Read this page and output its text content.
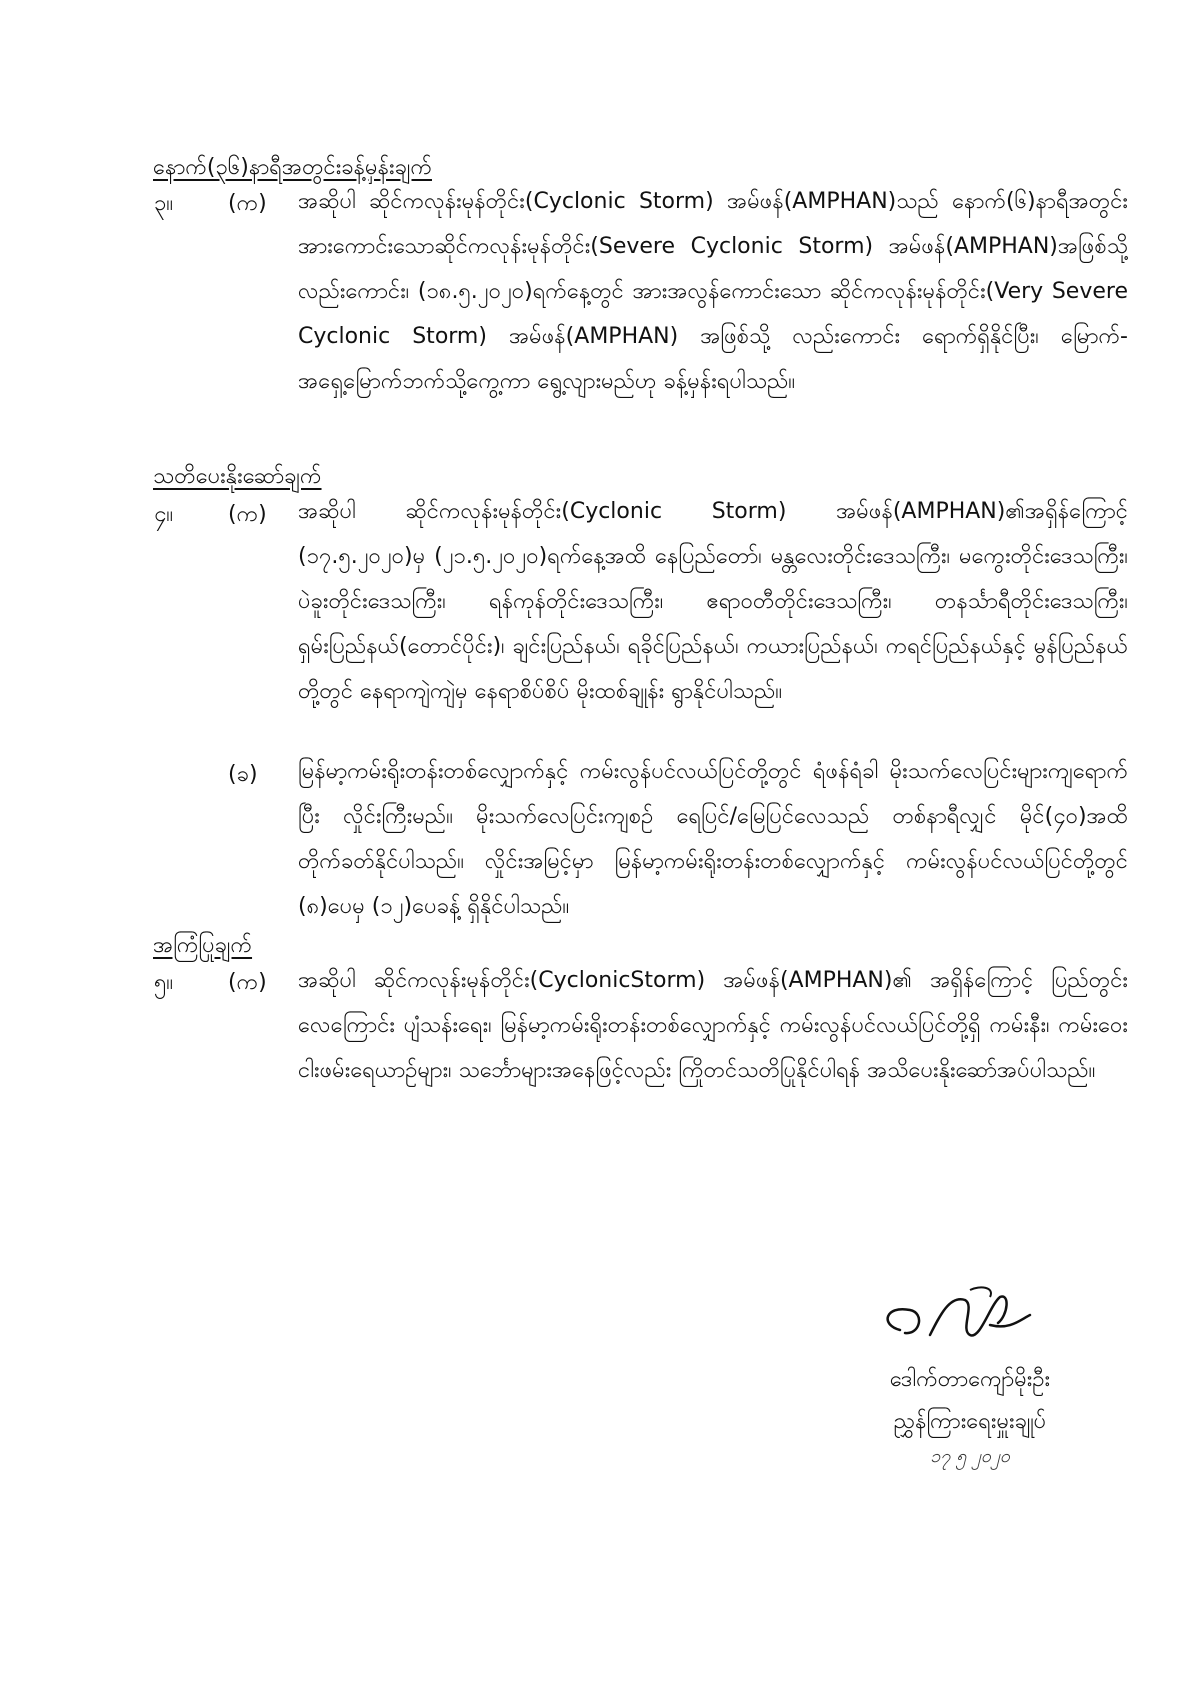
နောက်(၃၆)နာရီအတွင်းခန့်မှန်းချက်
၃။ (က) အဆိုပါ ဆိုင်ကလုန်းမုန်တိုင်း(Cyclonic Storm) အမ်ဖန်(AMPHAN)သည် နောက်(၆)နာရီအတွင်း အားကောင်းသောဆိုင်ကလုန်းမုန်တိုင်း(Severe Cyclonic Storm) အမ်ဖန်(AMPHAN)အဖြစ်သို့လည်းကောင်း၊ (၁၈.၅.၂၀၂၀)ရက်နေ့တွင် အားအလွန်ကောင်းသော ဆိုင်ကလုန်းမုန်တိုင်း(Very Severe Cyclonic Storm) အမ်ဖန်(AMPHAN) အဖြစ်သို့ လည်းကောင်း ရောက်ရှိနိုင်ပြီး၊ မြောက်-အရှေ့မြောက်ဘက်သို့ကွေ့ကာ ရွေ့လျားမည်ဟု ခန့်မှန်းရပါသည်။

သတိပေးနိုးဆော်ချက်
၄။ (က) အဆိုပါ ဆိုင်ကလုန်းမုန်တိုင်း(Cyclonic Storm) အမ်ဖန်(AMPHAN)၏အရှိန်ကြောင့် (၁၇.၅.၂၀၂၀)မှ (၂၁.၅.၂၀၂၀)ရက်နေ့အထိ နေပြည်တော်၊ မန္တလေးတိုင်းဒေသကြီး၊ မကွေးတိုင်းဒေသကြီး၊ ပဲခူးတိုင်းဒေသကြီး၊ ရန်ကုန်တိုင်းဒေသကြီး၊ ဧရာဝတီတိုင်းဒေသကြီး၊ တနင်္သာရီတိုင်းဒေသကြီး၊ ရှမ်းပြည်နယ်(တောင်ပိုင်း)၊ ချင်းပြည်နယ်၊ ရခိုင်ပြည်နယ်၊ ကယားပြည်နယ်၊ ကရင်ပြည်နယ်နှင့် မွန်ပြည်နယ်တို့တွင် နေရာကျဲကျဲမှ နေရာစိပ်စိပ် မိုးထစ်ချုန်း ရွာနိုင်ပါသည်။

(ခ) မြန်မာ့ကမ်းရိုးတန်းတစ်လျှောက်နှင့် ကမ်းလွန်ပင်လယ်ပြင်တို့တွင် ရံဖန်ရံခါ မိုးသက်လေပြင်းများကျရောက်ပြီး လှိုင်းကြီးမည်။ မိုးသက်လေပြင်းကျစဉ် ရေပြင်/မြေပြင်လေသည် တစ်နာရီလျှင် မိုင်(၄၀)အထိ တိုက်ခတ်နိုင်ပါသည်။ လှိုင်းအမြင့်မှာ မြန်မာ့ကမ်းရိုးတန်းတစ်လျှောက်နှင့် ကမ်းလွန်ပင်လယ်ပြင်တို့တွင် (၈)ပေမှ (၁၂)ပေခန့် ရှိနိုင်ပါသည်။

အကြံပြုချက်
၅။ (က) အဆိုပါ ဆိုင်ကလုန်းမုန်တိုင်း(CyclonicStorm) အမ်ဖန်(AMPHAN)၏ အရှိန်ကြောင့် ပြည်တွင်းလေကြောင်း ပျံသန်းရေး၊ မြန်မာ့ကမ်းရိုးတန်းတစ်လျှောက်နှင့် ကမ်းလွန်ပင်လယ်ပြင်တို့ရှိ ကမ်းနီး၊ ကမ်းဝေးငါးဖမ်းရေယာဉ်များ၊ သင်္ဘောများအနေဖြင့်လည်း ကြိုတင်သတိပြုနိုင်ပါရန် အသိပေးနိုးဆော်အပ်ပါသည်။

ဒေါက်တာကျော်မိုးဦး
ညွှန်ကြားရေးမှူးချုပ်
၁၇ ၅ ၂၀၂၀
